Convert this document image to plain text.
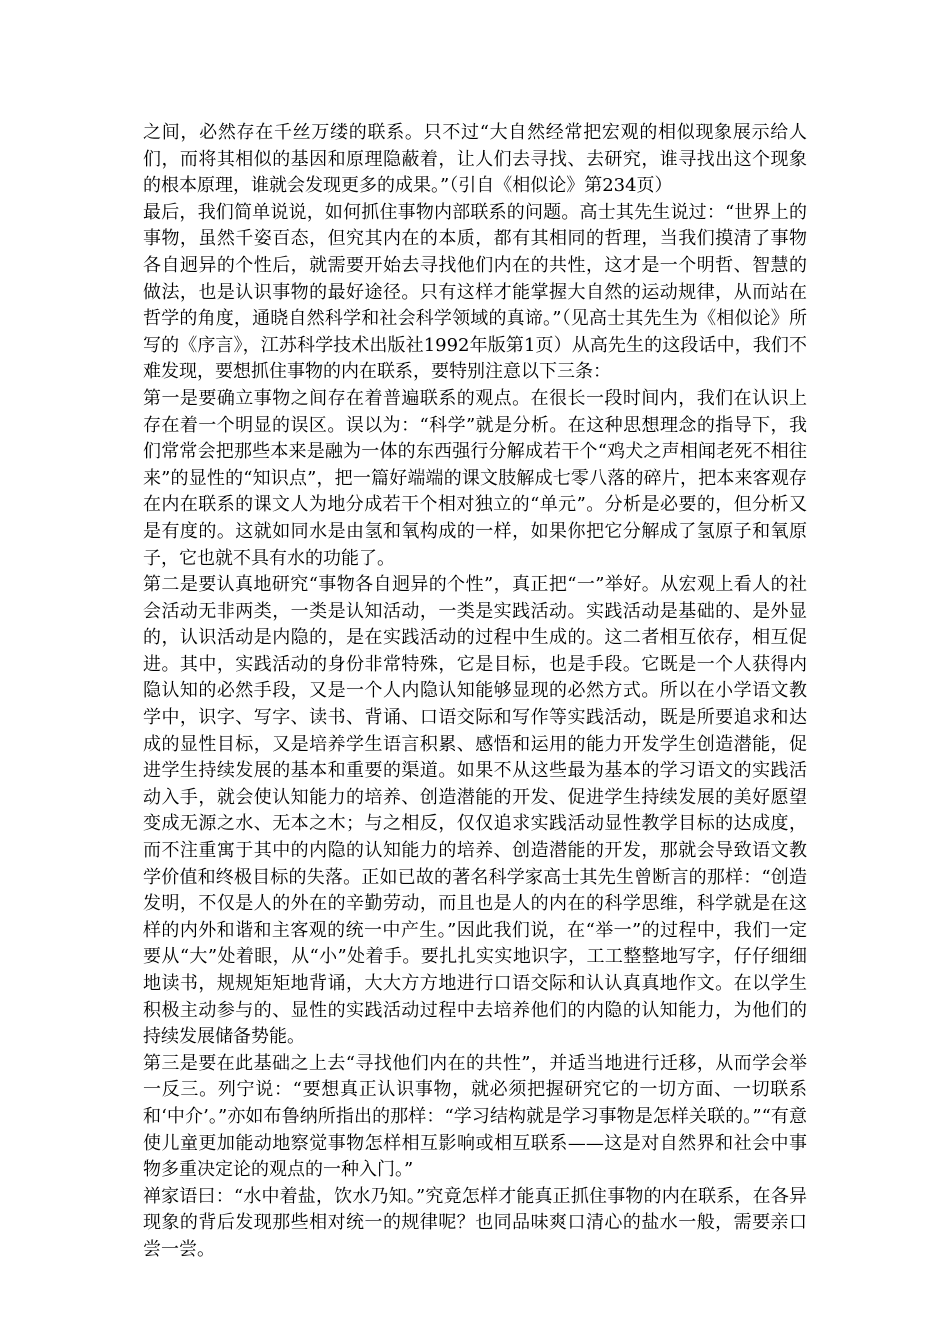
之间，必然存在千丝万缕的联系。只不过“大自然经常把宏观的相似现象展示给人们，而将其相似的基因和原理隐蔽着，让人们去寻找、去研究，谁寻找出这个现象的根本原理，谁就会发现更多的成果。”（引自《相似论》第234页）

最后，我们简单说说，如何抓住事物内部联系的问题。高士其先生说过：“世界上的事物，虽然千姿百态，但究其内在的本质，都有其相同的哲理，当我们摸清了事物各自迥异的个性后，就需要开始去寻找他们内在的共性，这才是一个明哲、智慧的做法，也是认识事物的最好途径。只有这样才能掌握大自然的运动规律，从而站在哲学的角度，通晓自然科学和社会科学领域的真谛。”（见高士其先生为《相似论》所写的《序言》，江苏科学技术出版社1992年版第1页）从高先生的这段话中，我们不难发现，要想抓住事物的内在联系，要特别注意以下三条：

第一是要确立事物之间存在着普遍联系的观点。在很长一段时间内，我们在认识上存在着一个明显的误区。误以为：“科学”就是分析。在这种思想理念的指导下，我们常常会把那些本来是融为一体的东西强行分解成若干个“鸡犬之声相闻老死不相往来”的显性的“知识点”，把一篇好端端的课文肢解成七零八落的碎片，把本来客观存在内在联系的课文人为地分成若干个相对独立的“单元”。分析是必要的，但分析又是有度的。这就如同水是由氢和氧构成的一样，如果你把它分解成了氢原子和氧原子，它也就不具有水的功能了。

第二是要认真地研究“事物各自迥异的个性”，真正把“一”举好。从宏观上看人的社会活动无非两类，一类是认知活动，一类是实践活动。实践活动是基础的、是外显的，认识活动是内隐的，是在实践活动的过程中生成的。这二者相互依存，相互促进。其中，实践活动的身份非常特殊，它是目标，也是手段。它既是一个人获得内隐认知的必然手段，又是一个人内隐认知能够显现的必然方式。所以在小学语文教学中，识字、写字、读书、背诵、口语交际和写作等实践活动，既是所要追求和达成的显性目标，又是培养学生语言积累、感悟和运用的能力开发学生创造潜能，促进学生持续发展的基本和重要的渠道。如果不从这些最为基本的学习语文的实践活动入手，就会使认知能力的培养、创造潜能的开发、促进学生持续发展的美好愿望变成无源之水、无本之木；与之相反，仅仅追求实践活动显性教学目标的达成度，而不注重寓于其中的内隐的认知能力的培养、创造潜能的开发，那就会导致语文教学价值和终极目标的失落。正如已故的著名科学家高士其先生曾断言的那样：“创造发明，不仅是人的外在的辛勤劳动，而且也是人的内在的科学思维，科学就是在这样的内外和谐和主客观的统一中产生。”因此我们说，在“举一”的过程中，我们一定要从“大”处着眼，从“小”处着手。要扎扎实实地识字，工工整整地写字，仔仔细细地读书，规规矩矩地背诵，大大方方地进行口语交际和认认真真地作文。在以学生积极主动参与的、显性的实践活动过程中去培养他们的内隐的认知能力，为他们的持续发展储备势能。

第三是要在此基础之上去“寻找他们内在的共性”，并适当地进行迁移，从而学会举一反三。列宁说：“要想真正认识事物，就必须把握研究它的一切方面、一切联系和‘中介’。”亦如布鲁纳所指出的那样：“学习结构就是学习事物是怎样关联的。”“有意使儿童更加能动地察觉事物怎样相互影响或相互联系——这是对自然界和社会中事物多重决定论的观点的一种入门。”

禅家语曰：“水中着盐，饮水乃知。”究竟怎样才能真正抓住事物的内在联系，在各异现象的背后发现那些相对统一的规律呢？也同品味爽口清心的盐水一般，需要亲口尝一尝。
